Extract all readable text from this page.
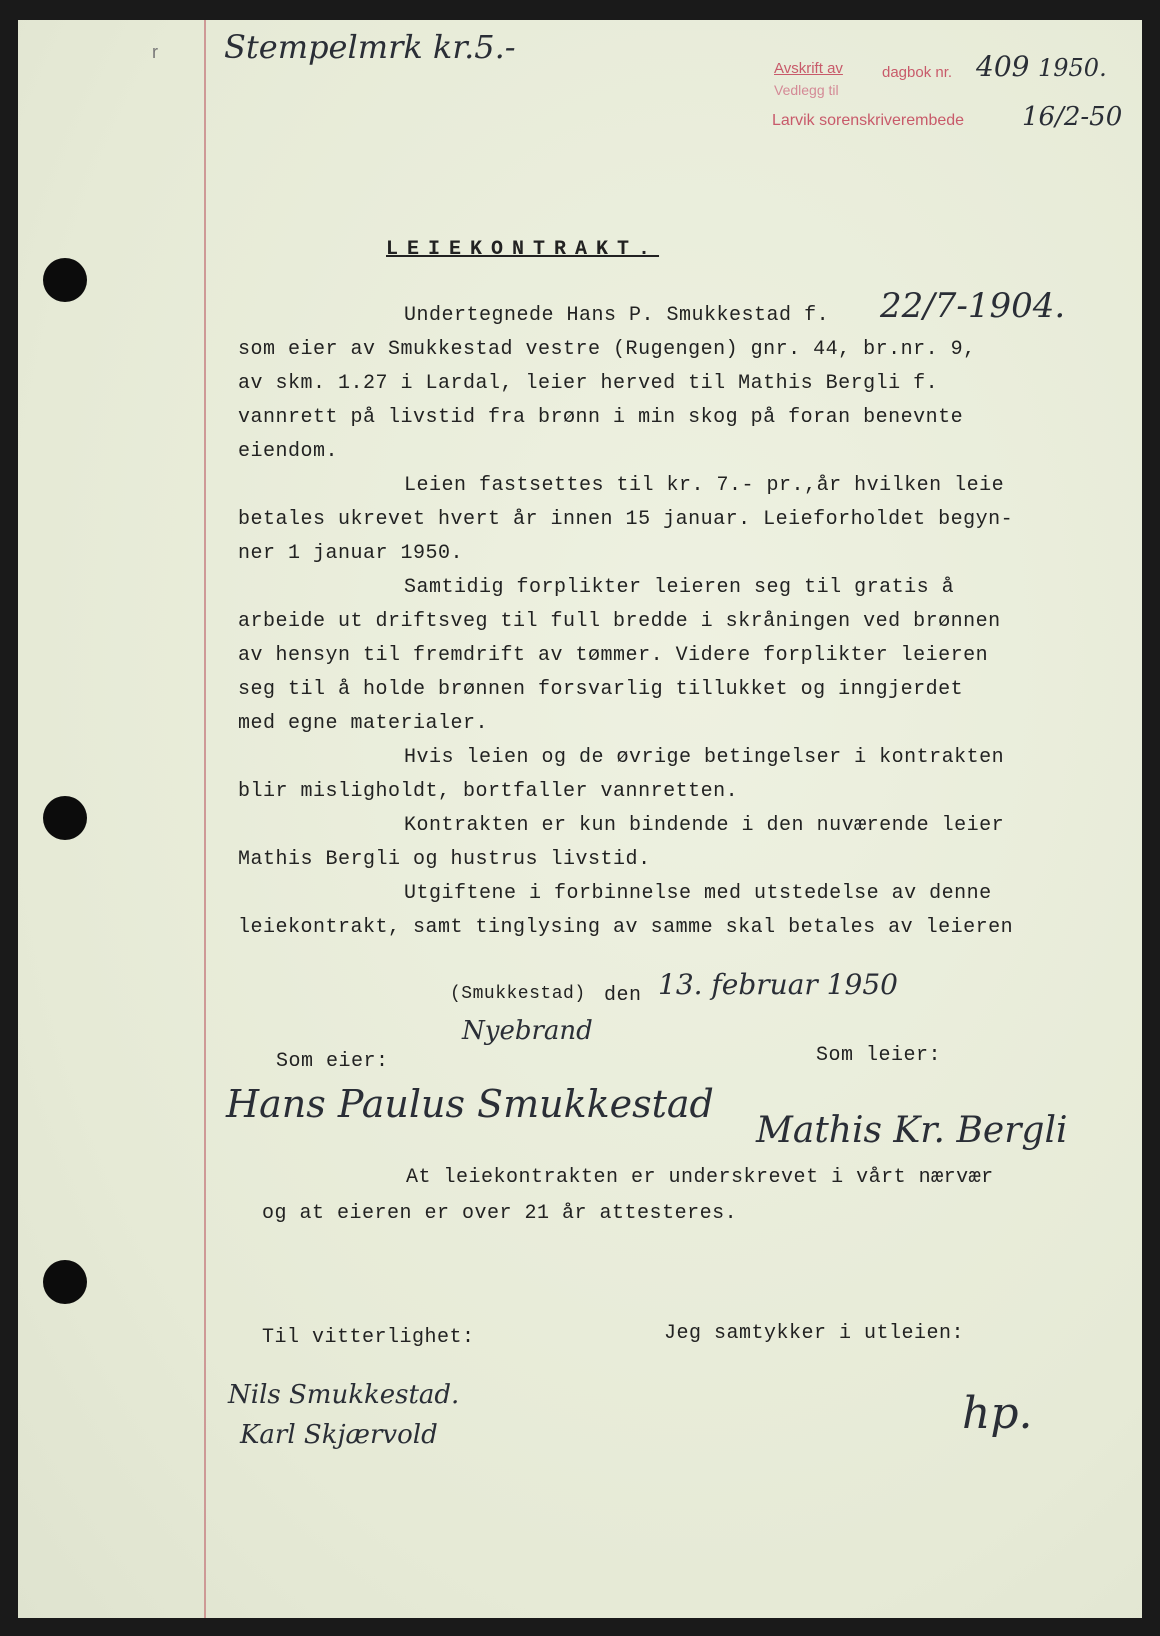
r Stempelmrk kr.5.-
Avskrift av	dagbok nr. 409 1950.
Vedlegg til
Larvik sorenskriverembede 16/2-50
LEIEKONTRAKT.
Undertegnede Hans P. Smukkestad f. 22/7-1904.
som eier av Smukkestad vestre (Rugengen) gnr. 44, br.nr. 9,
av skm. 1.27 i Lardal, leier herved til Mathis Bergli f.
vannrett på livstid fra brønn i min skog på foran benevnte
eiendom.
Leien fastsettes til kr. 7.- pr.,år hvilken leie
betales ukrevet hvert år innen 15 januar. Leieforholdet begyn-
ner 1 januar 1950.
Samtidig forplikter leieren seg til gratis å
arbeide ut driftsveg til full bredde i skråningen ved brønnen
av hensyn til fremdrift av tømmer. Videre forplikter leieren
seg til å holde brønnen forsvarlig tillukket og inngjerdet
med egne materialer.
Hvis leien og de øvrige betingelser i kontrakten
blir misligholdt, bortfaller vannretten.
Kontrakten er kun bindende i den nuværende leier
Mathis Bergli og hustrus livstid.
Utgiftene i forbinnelse med utstedelse av denne
leiekontrakt, samt tinglysing av samme skal betales av leieren
(Smukkestad) den 13. februar 1950
Nyebrand
Som eier:	Som leier:
Hans Paulus Smukkestad
Mathis Kr. Bergli
At leiekontrakten er underskrevet i vårt nærvær
og at eieren er over 21 år attesteres.
Til vitterlighet:	Jeg samtykker i utleien:
Nils Smukkestad.
Karl Skjærvold	hp.
